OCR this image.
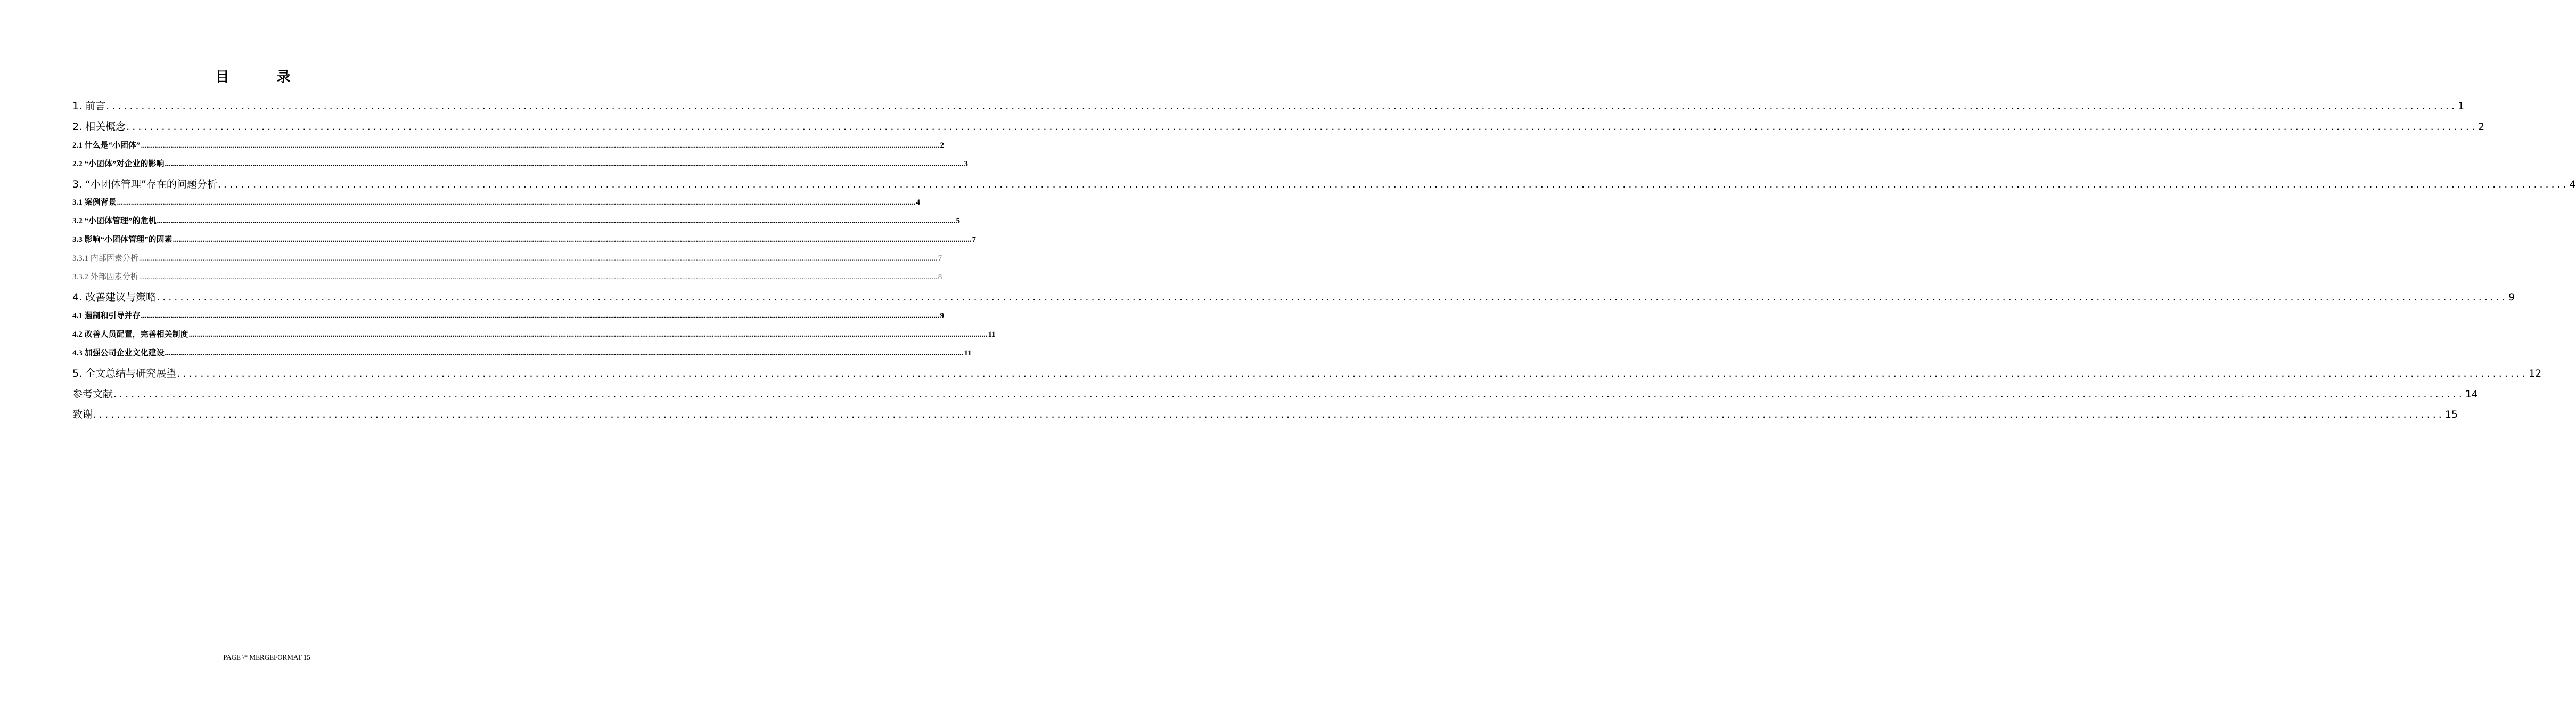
目 录
1. 前言 ................................................................................................................................................................................................................................................................................................................................................................................................................ 1
2. 相关概念 ................................................................................................................................................................................................................................................................................................................................................................................................................ 2
2.1 什么是“小团体” ................................................................................................................................................................................................................................................................................................................................................................................................................ 2
2.2 “小团体”对企业的影响 ................................................................................................................................................................................................................................................................................................................................................................................................................ 3
3. “小团体管理”存在的问题分析 ................................................................................................................................................................................................................................................................................................................................................................................................................ 4
3.1 案例背景 ................................................................................................................................................................................................................................................................................................................................................................................................................ 4
3.2 “小团体管理”的危机 ................................................................................................................................................................................................................................................................................................................................................................................................................ 5
3.3 影响“小团体管理”的因素 ................................................................................................................................................................................................................................................................................................................................................................................................................ 7
3.3.1 内部因素分析 ................................................................................................................................................................................................................................................................................................................................................................................................................ 7
3.3.2 外部因素分析 ................................................................................................................................................................................................................................................................................................................................................................................................................ 8
4. 改善建议与策略 ................................................................................................................................................................................................................................................................................................................................................................................................................ 9
4.1 遏制和引导并存 ................................................................................................................................................................................................................................................................................................................................................................................................................ 9
4.2 改善人员配置，完善相关制度 ................................................................................................................................................................................................................................................................................................................................................................................................................ 11
4.3 加强公司企业文化建设 ................................................................................................................................................................................................................................................................................................................................................................................................................ 11
5. 全文总结与研究展望 ................................................................................................................................................................................................................................................................................................................................................................................................................ 12
参考文献 ................................................................................................................................................................................................................................................................................................................................................................................................................ 14
致谢 ................................................................................................................................................................................................................................................................................................................................................................................................................ 15
PAGE \* MERGEFORMAT 15
